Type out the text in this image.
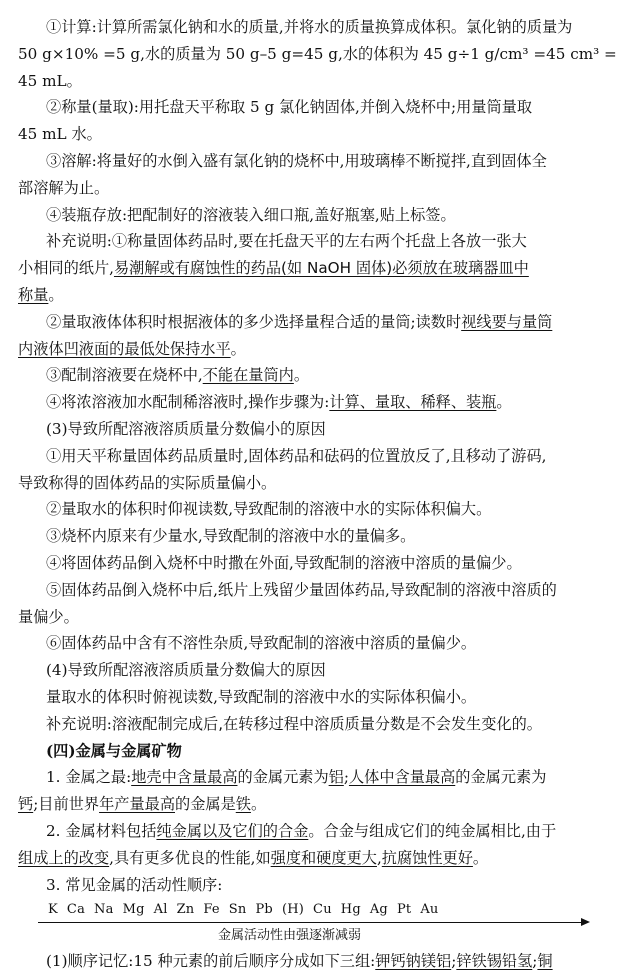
①计算:计算所需氯化钠和水的质量,并将水的质量换算成体积。氯化钠的质量为
50 g×10% =5 g,水的质量为 50 g–5 g=45 g,水的体积为 45 g÷1 g/cm³ =45 cm³ =
45 mL。
②称量(量取):用托盘天平称取 5 g 氯化钠固体,并倒入烧杯中;用量筒量取
45 mL 水。
③溶解:将量好的水倒入盛有氯化钠的烧杯中,用玻璃棒不断搅拌,直到固体全
部溶解为止。
④装瓶存放:把配制好的溶液装入细口瓶,盖好瓶塞,贴上标签。
补充说明:①称量固体药品时,要在托盘天平的左右两个托盘上各放一张大
小相同的纸片,易潮解或有腐蚀性的药品(如 NaOH 固体)必须放在玻璃器皿中
称量。
②量取液体体积时根据液体的多少选择量程合适的量筒;读数时视线要与量筒
内液体凹液面的最低处保持水平。
③配制溶液要在烧杯中,不能在量筒内。
④将浓溶液加水配制稀溶液时,操作步骤为:计算、量取、稀释、装瓶。
(3)导致所配溶液溶质质量分数偏小的原因
①用天平称量固体药品质量时,固体药品和砝码的位置放反了,且移动了游码,
导致称得的固体药品的实际质量偏小。
②量取水的体积时仰视读数,导致配制的溶液中水的实际体积偏大。
③烧杯内原来有少量水,导致配制的溶液中水的量偏多。
④将固体药品倒入烧杯中时撒在外面,导致配制的溶液中溶质的量偏少。
⑤固体药品倒入烧杯中后,纸片上残留少量固体药品,导致配制的溶液中溶质的
量偏少。
⑥固体药品中含有不溶性杂质,导致配制的溶液中溶质的量偏少。
(4)导致所配溶液溶质质量分数偏大的原因
量取水的体积时俯视读数,导致配制的溶液中水的实际体积偏小。
补充说明:溶液配制完成后,在转移过程中溶质质量分数是不会发生变化的。
(四)金属与金属矿物
1. 金属之最:地壳中含量最高的金属元素为铝;人体中含量最高的金属元素为
钙;目前世界年产量最高的金属是铁。
2. 金属材料包括纯金属以及它们的合金。合金与组成它们的纯金属相比,由于
组成上的改变,具有更多优良的性能,如强度和硬度更大,抗腐蚀性更好。
3. 常见金属的活动性顺序:
K Ca Na Mg Al Zn Fe Sn Pb (H) Cu Hg Ag Pt Au
金属活动性由强逐渐减弱
(1)顺序记忆:15 种元素的前后顺序分成如下三组:钾钙钠镁铝;锌铁锡铅氢;铜
